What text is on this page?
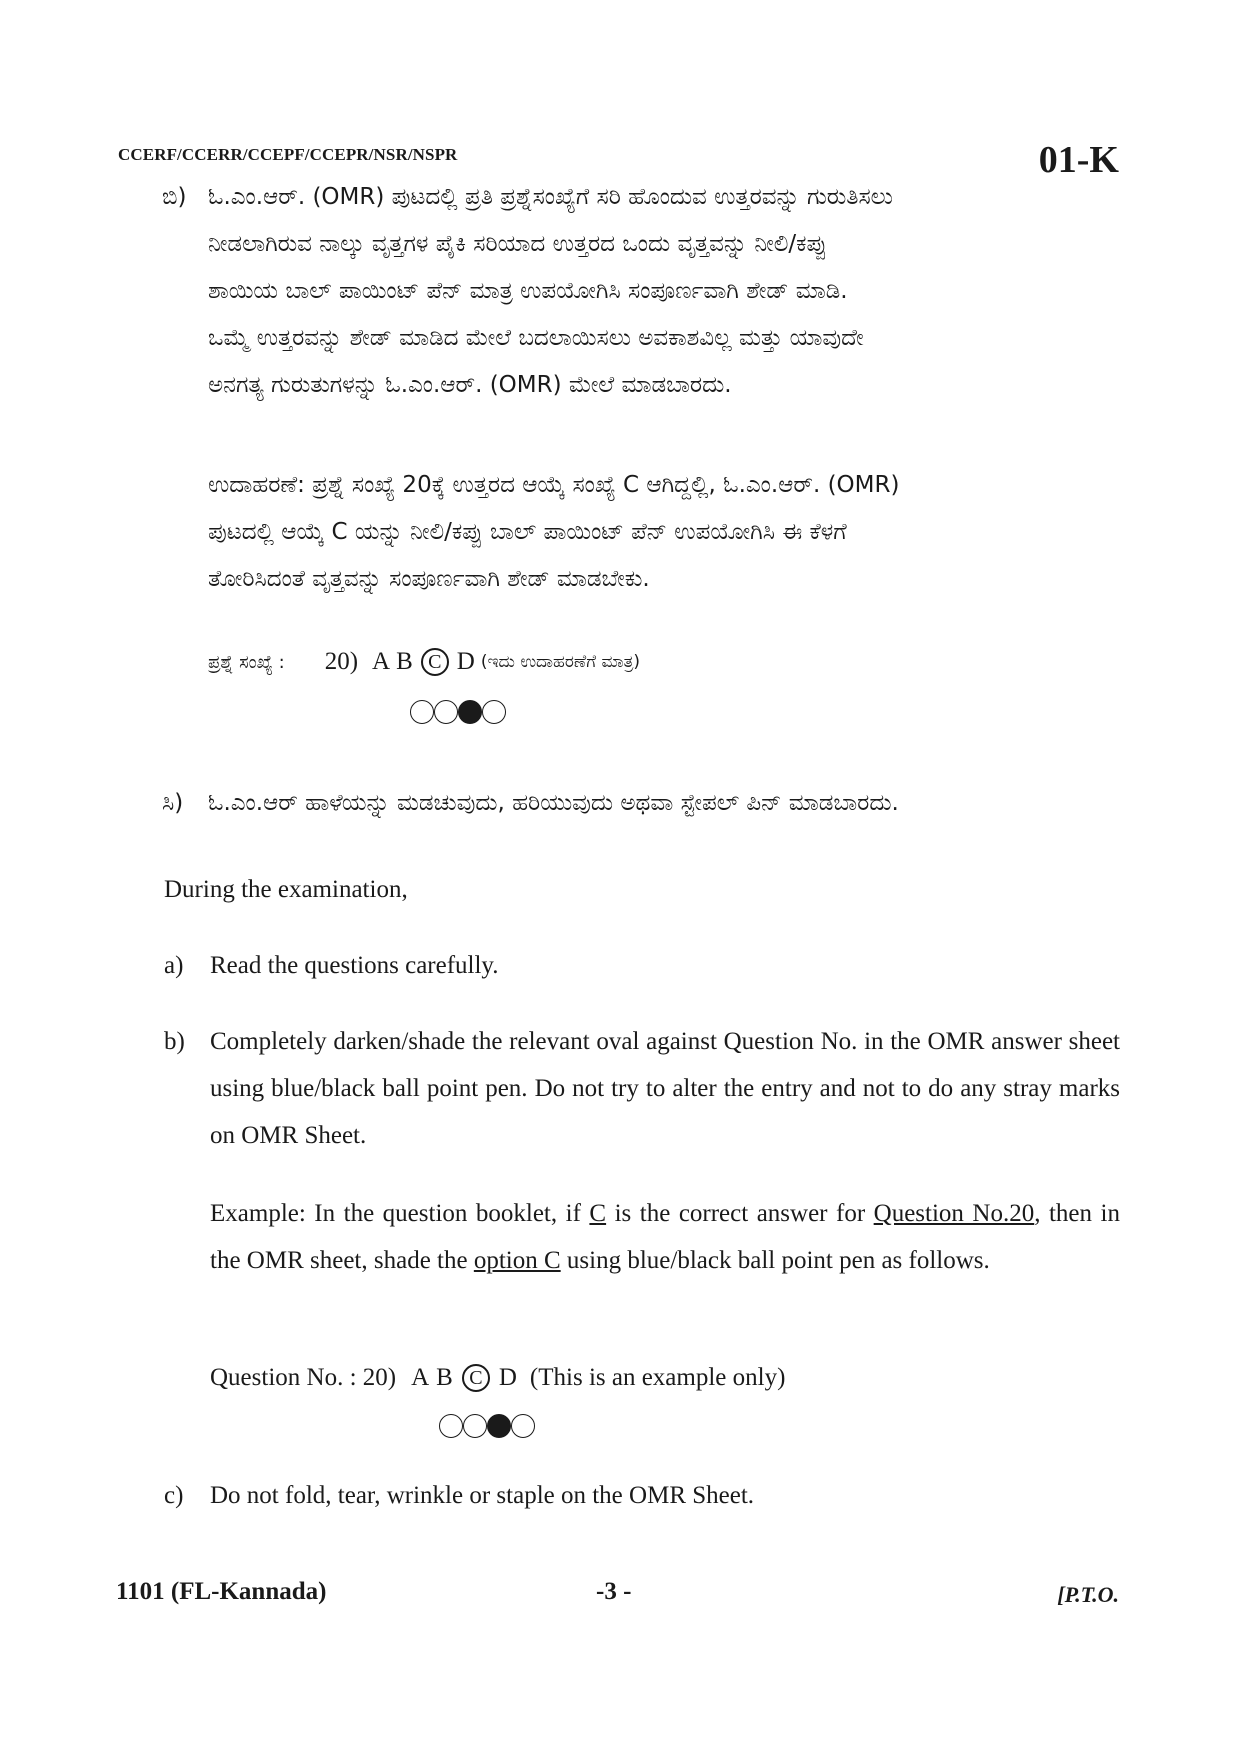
CCERF/CCERR/CCEPF/CCEPR/NSR/NSPR	01-K
ಬಿ) ಓ.ಎಂ.ಆರ್. (OMR) ಪುಟದಲ್ಲಿ ಪ್ರತಿ ಪ್ರಶ್ನೆಸಂಖ್ಯೆಗೆ ಸರಿ ಹೊಂದುವ ಉತ್ತರವನ್ನು ಗುರುತಿಸಲು
ನೀಡಲಾಗಿರುವ ನಾಲ್ಕು ವೃತ್ತಗಳ ಪೈಕಿ ಸರಿಯಾದ ಉತ್ತರದ ಒಂದು ವೃತ್ತವನ್ನು ನೀಲಿ/ಕಪ್ಪು
ಶಾಯಿಯ ಬಾಲ್ ಪಾಯಿಂಟ್ ಪೆನ್ ಮಾತ್ರ ಉಪಯೋಗಿಸಿ ಸಂಪೂರ್ಣವಾಗಿ ಶೇಡ್ ಮಾಡಿ.
ಒಮ್ಮೆ ಉತ್ತರವನ್ನು ಶೇಡ್ ಮಾಡಿದ ಮೇಲೆ ಬದಲಾಯಿಸಲು ಅವಕಾಶವಿಲ್ಲ ಮತ್ತು ಯಾವುದೇ
ಅನಗತ್ಯ ಗುರುತುಗಳನ್ನು ಓ.ಎಂ.ಆರ್. (OMR) ಮೇಲೆ ಮಾಡಬಾರದು.
ಉದಾಹರಣೆ: ಪ್ರಶ್ನೆ ಸಂಖ್ಯೆ 20ಕ್ಕೆ ಉತ್ತರದ ಆಯ್ಕೆ ಸಂಖ್ಯೆ C ಆಗಿದ್ದಲ್ಲಿ, ಓ.ಎಂ.ಆರ್. (OMR)
ಪುಟದಲ್ಲಿ ಆಯ್ಕೆ C ಯನ್ನು ನೀಲಿ/ಕಪ್ಪು ಬಾಲ್ ಪಾಯಿಂಟ್ ಪೆನ್ ಉಪಯೋಗಿಸಿ ಈ ಕೆಳಗೆ
ತೋರಿಸಿದಂತೆ ವೃತ್ತವನ್ನು ಸಂಪೂರ್ಣವಾಗಿ ಶೇಡ್ ಮಾಡಬೇಕು.
ಪ್ರಶ್ನೆ ಸಂಖ್ಯೆ : 20) A B C D (ಇದು ಉದಾಹರಣೆಗೆ ಮಾತ್ರ)
ಸಿ)	ಓ.ಎಂ.ಆರ್ ಹಾಳೆಯನ್ನು ಮಡಚುವುದು, ಹರಿಯುವುದು ಅಥವಾ ಸ್ಟೇಪಲ್ ಪಿನ್ ಮಾಡಬಾರದು.
During the examination,
a)	Read the questions carefully.
b)	Completely darken/shade the relevant oval against Question No. in the OMR answer sheet using blue/black ball point pen. Do not try to alter the entry and not to do any stray marks on OMR Sheet.
Example: In the question booklet, if C is the correct answer for Question No.20, then in the OMR sheet, shade the option C using blue/black ball point pen as follows.
Question No. : 20) A B C D (This is an example only)
c)	Do not fold, tear, wrinkle or staple on the OMR Sheet.
1101 (FL-Kannada)	-3 -	[P.T.O.
